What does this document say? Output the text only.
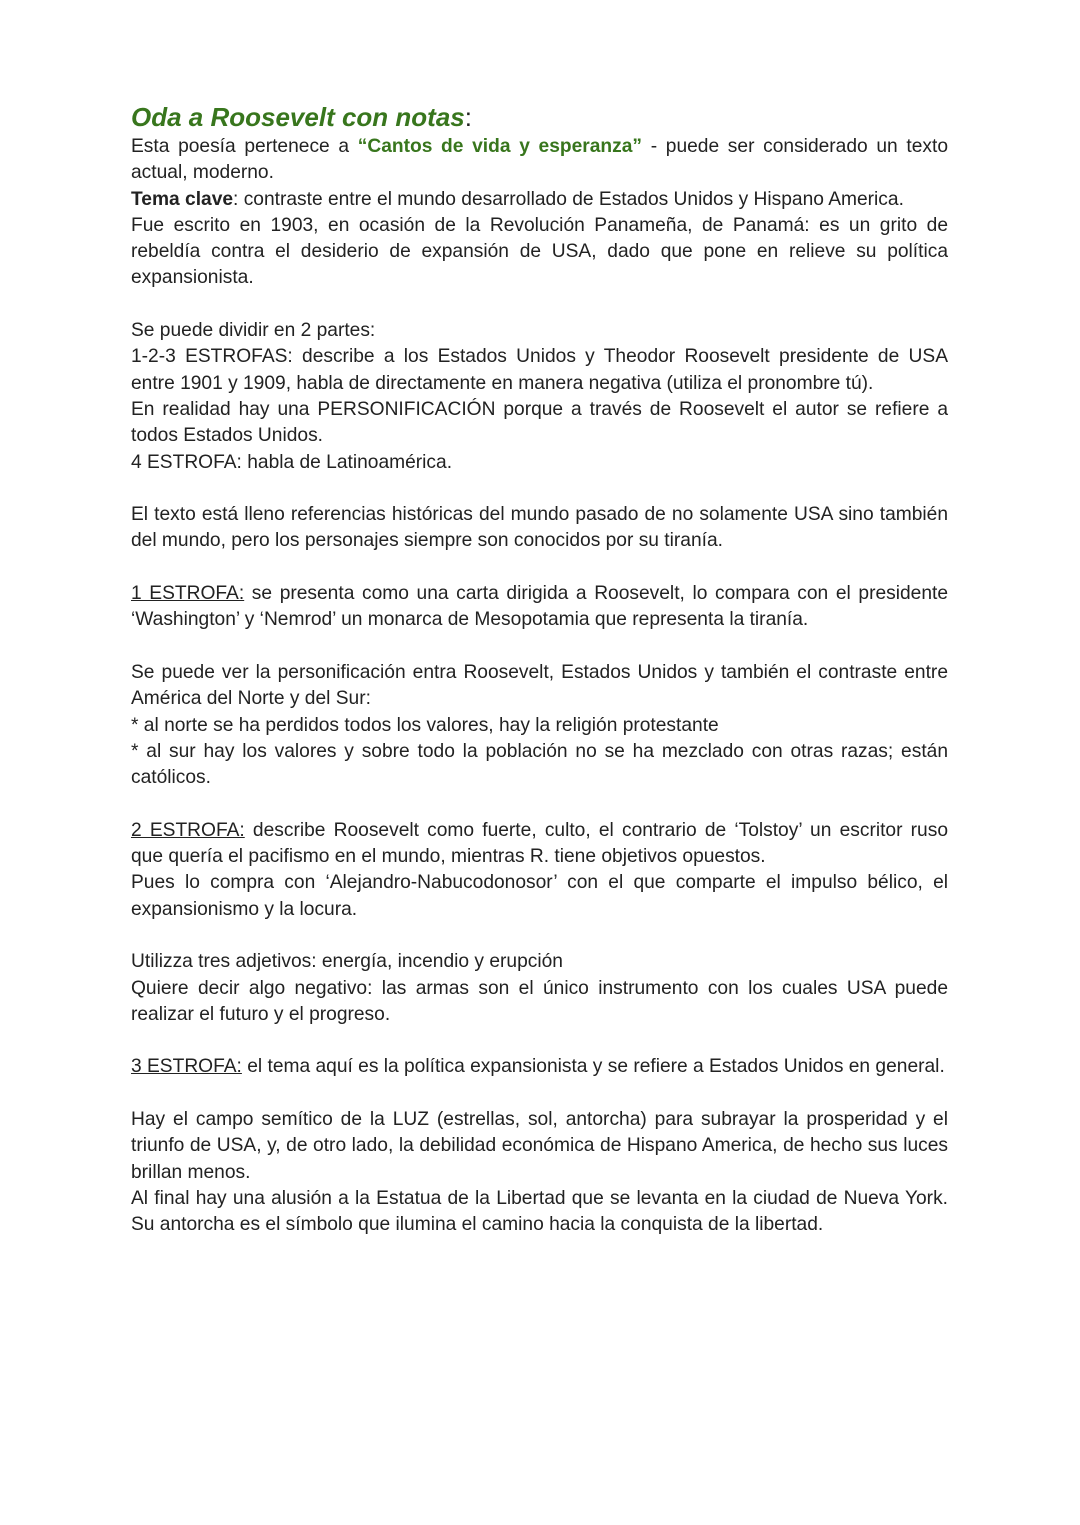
Oda a Roosevelt con notas:

Esta poesía pertenece a “Cantos de vida y esperanza” - puede ser considerado un texto actual, moderno.

Tema clave: contraste entre el mundo desarrollado de Estados Unidos y Hispano America.

Fue escrito en 1903, en ocasión de la Revolución Panameña, de Panamá: es un grito de rebeldía contra el desiderio de expansión de USA, dado que pone en relieve su política expansionista.

Se puede dividir en 2 partes:

1-2-3 ESTROFAS: describe a los Estados Unidos y Theodor Roosevelt presidente de USA entre 1901 y 1909, habla de directamente en manera negativa (utiliza el pronombre tú).

En realidad hay una PERSONIFICACIÓN porque a través de Roosevelt el autor se refiere a todos Estados Unidos.

4 ESTROFA: habla de Latinoamérica.

El texto está lleno referencias históricas del mundo pasado de no solamente USA sino también del mundo, pero los personajes siempre son conocidos por su tiranía.

1 ESTROFA: se presenta como una carta dirigida a Roosevelt, lo compara con el presidente ‘Washington’ y ‘Nemrod’ un monarca de Mesopotamia que representa la tiranía.

Se puede ver la personificación entra Roosevelt, Estados Unidos y también el contraste entre América del Norte y del Sur:

* al norte se ha perdidos todos los valores, hay la religión protestante

* al sur hay los valores y sobre todo la población no se ha mezclado con otras razas; están católicos.

2 ESTROFA: describe Roosevelt como fuerte, culto, el contrario de ‘Tolstoy’ un escritor ruso que quería el pacifismo en el mundo, mientras R. tiene objetivos opuestos.

Pues lo compra con ‘Alejandro-Nabucodonosor’ con el que comparte el impulso bélico, el expansionismo y la locura.

Utilizza tres adjetivos: energía, incendio y erupción

Quiere decir algo negativo: las armas son el único instrumento con los cuales USA puede realizar el futuro y el progreso.

3 ESTROFA: el tema aquí es la política expansionista y se refiere a Estados Unidos en general.

Hay el campo semítico de la LUZ (estrellas, sol, antorcha) para subrayar la prosperidad y el triunfo de USA, y, de otro lado, la debilidad económica de Hispano America, de hecho sus luces brillan menos.

Al final hay una alusión a la Estatua de la Libertad que se levanta en la ciudad de Nueva York. Su antorcha es el símbolo que ilumina el camino hacia la conquista de la libertad.
